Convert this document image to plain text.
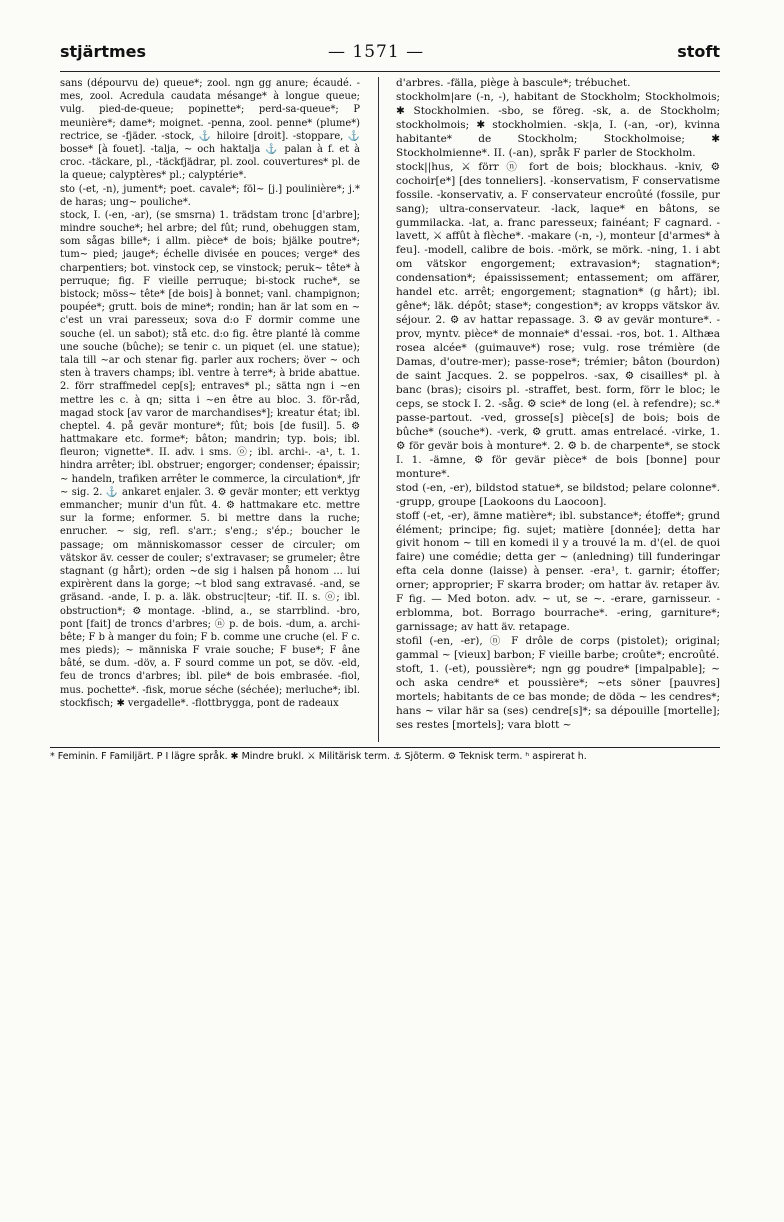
stjärtmes	— 1571 —	stoft

sans (dépourvu de) queue*; zool. ngn gg anure; écaudé. -mes, zool. Acredula caudata mésange* à longue queue; vulg. pied-de-queue; popinette*; perd-sa-queue*; P meunière*; dame*; moignet. -penna, zool. penne* (plume*) rectrice, se -fjäder. -stock, ⚓ hiloire [droit]. -stoppare, ⚓ bosse* [à fouet]. -talja, ∼ och haktalja ⚓ palan à f. et à croc. -täckare, pl., -täckfjädrar, pl. zool. couvertures* pl. de la queue; calyptères* pl.; calyptérie*.

sto (-et, -n), jument*; poet. cavale*; föl∼ [j.] poulinière*; j.* de haras; ung∼ pouliche*.

stock, I. (-en, -ar), (se smsrna) 1. trädstam tronc [d'arbre]; mindre souche*; hel arbre; del fût; rund, obehuggen stam, som sågas bille*; i allm. pièce* de bois; bjälke poutre*; tum∼ pied; jauge*; échelle divisée en pouces; verge* des charpentiers; bot. vinstock cep, se vinstock; peruk∼ tête* à perruque; fig. F vieille perruque; bi-stock ruche*, se bistock; möss∼ tête* [de bois] à bonnet; vanl. champignon; poupée*; grutt. bois de mine*; rondin; han är lat som en ∼ c'est un vrai paresseux; sova d:o F dormir comme une souche (el. un sabot); stå etc. d:o fig. être planté là comme une souche (bûche); se tenir c. un piquet (el. une statue); tala till ∼ar och stenar fig. parler aux rochers; över ∼ och sten à travers champs; ibl. ventre à terre*; à bride abattue. 2. förr straffmedel cep[s]; entraves* pl.; sätta ngn i ∼en mettre les c. à qn; sitta i ∼en être au bloc. 3. för-råd, magad stock [av varor de marchandises*]; kreatur état; ibl. cheptel. 4. på gevär monture*; fût; bois [de fusil]. 5. ⚙ hattmakare etc. forme*; bâton; mandrin; typ. bois; ibl. fleuron; vignette*. II. adv. i sms. ⓞ; ibl. archi-. -a¹, t. 1. hindra arrêter; ibl. obstruer; engorger; condenser; épaissir; ∼ handeln, trafiken arrêter le commerce, la circulation*, jfr ∼ sig. 2. ⚓ ankaret enjaler. 3. ⚙ gevär monter; ett verktyg emmancher; munir d'un fût. 4. ⚙ hattmakare etc. mettre sur la forme; enformer. 5. bi mettre dans la ruche; enrucher. ∼ sig, refl. s'arr.; s'eng.; s'ép.; boucher le passage; om människomassor cesser de circuler; om vätskor äv. cesser de couler; s'extravaser; se grumeler; être stagnant (g hårt); orden ∼de sig i halsen på honom ... lui expirèrent dans la gorge; ∼t blod sang extravasé. -and, se gräsand. -ande, I. p. a. läk. obstruc|teur; -tif. II. s. ⓞ; ibl. obstruction*; ⚙ montage. -blind, a., se starrblind. -bro, pont [fait] de troncs d'arbres; ⓝ p. de bois. -dum, a. archi-bête; F b à manger du foin; F b. comme une cruche (el. F c. mes pieds); ∼ människa F vraie souche; F buse*; F âne bâté, se dum. -döv, a. F sourd comme un pot, se döv. -eld, feu de troncs d'arbres; ibl. pile* de bois embrasée. -fiol, mus. pochette*. -fisk, morue séche (séchée); merluche*; ibl. stockfisch; ✱ vergadelle*. -flottbrygga, pont de radeaux

d'arbres. -fälla, piège à bascule*; trébuchet.

stockholm|are (-n, -), habitant de Stockholm; Stockholmois; ✱ Stockholmien. -sbo, se föreg. -sk, a. de Stockholm; stockholmois; ✱ stockholmien. -sk|a, I. (-an, -or), kvinna habitante* de Stockholm; Stockholmoise; ✱ Stockholmienne*. II. (-an), språk F parler de Stockholm.

stock||hus, ⚔ förr ⓝ fort de bois; blockhaus. -kniv, ⚙ cochoir[e*] [des tonneliers]. -konservatism, F conservatisme fossile. -konservativ, a. F conservateur encroûté (fossile, pur sang); ultra-conservateur. -lack, laque* en bâtons, se gummilacka. -lat, a. franc paresseux; fainéant; F cagnard. -lavett, ⚔ affût à flèche*. -makare (-n, -), monteur [d'armes* à feu]. -modell, calibre de bois. -mörk, se mörk. -ning, 1. i abt om vätskor engorgement; extravasion*; stagnation*; condensation*; épaississement; entassement; om affärer, handel etc. arrêt; engorgement; stagnation* (g hårt); ibl. gêne*; läk. dépôt; stase*; congestion*; av kropps vätskor äv. séjour. 2. ⚙ av hattar repassage. 3. ⚙ av gevär monture*. -prov, myntv. pièce* de monnaie* d'essai. -ros, bot. 1. Althæa rosea alcée* (guimauve*) rose; vulg. rose trémière (de Damas, d'outre-mer); passe-rose*; trémier; bâton (bourdon) de saint Jacques. 2. se poppelros. -sax, ⚙ cisailles* pl. à banc (bras); cisoirs pl. -straffet, best. form, förr le bloc; le ceps, se stock I. 2. -såg. ⚙ scie* de long (el. à refendre); sc.* passe-partout. -ved, grosse[s] pièce[s] de bois; bois de bûche* (souche*). -verk, ⚙ grutt. amas entrelacé. -virke, 1. ⚙ för gevär bois à monture*. 2. ⚙ b. de charpente*, se stock I. 1. -ämne, ⚙ för gevär pièce* de bois [bonne] pour monture*.

stod (-en, -er), bildstod statue*, se bildstod; pelare colonne*. -grupp, groupe [Laokoons du Laocoon].

stoff (-et, -er), ämne matière*; ibl. substance*; étoffe*; grund élément; principe; fig. sujet; matière [donnée]; detta har givit honom ∼ till en komedi il y a trouvé la m. d'(el. de quoi faire) une comédie; detta ger ∼ (anledning) till funderingar efta cela donne (laisse) à penser. -era¹, t. garnir; étoffer; orner; approprier; F skarra broder; om hattar äv. retaper äv. F fig. — Med boton. adv. ∼ ut, se ∼. -erare, garnisseur. -erblomma, bot. Borrago bourrache*. -ering, garniture*; garnissage; av hatt äv. retapage.

stofil (-en, -er), ⓝ F drôle de corps (pistolet); original; gammal ∼ [vieux] barbon; F vieille barbe; croûte*; encroûté.

stoft, 1. (-et), poussière*; ngn gg poudre* [impalpable]; ∼ och aska cendre* et poussière*; ∼ets söner [pauvres] mortels; habitants de ce bas monde; de döda ∼ les cendres*; hans ∼ vilar här sa (ses) cendre[s]*; sa dépouille [mortelle]; ses restes [mortels]; vara blott ∼

* Feminin. F Familjärt. P I lägre språk. ✱ Mindre brukl. ⚔ Militärisk term. ⚓ Sjöterm. ⚙ Teknisk term. ʰ aspirerat h.
